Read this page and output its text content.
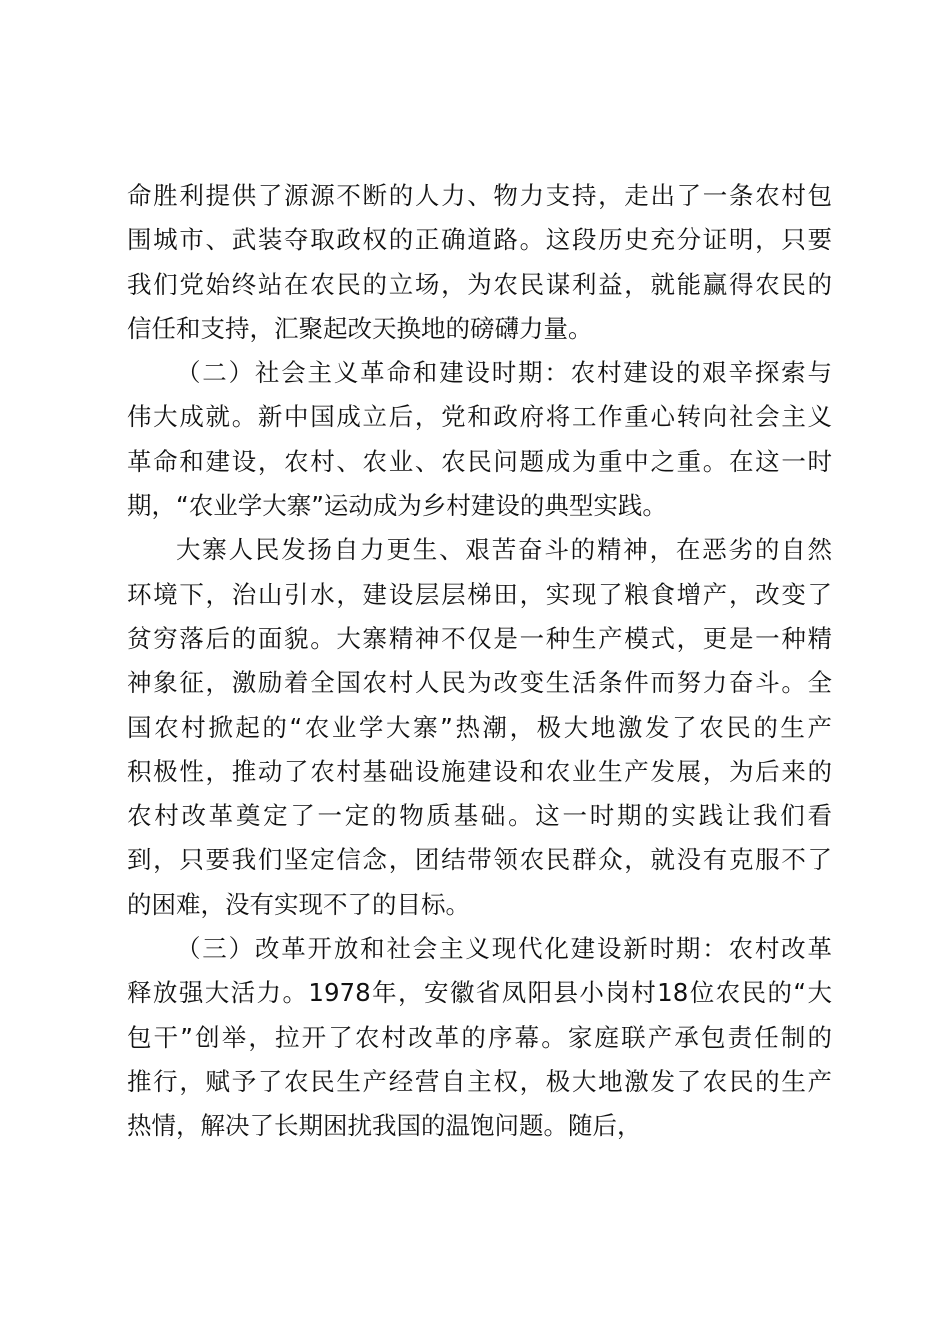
命胜利提供了源源不断的人力、物力支持，走出了一条农村包
围城市、武装夺取政权的正确道路。这段历史充分证明，只要
我们党始终站在农民的立场，为农民谋利益，就能赢得农民的
信任和支持，汇聚起改天换地的磅礴力量。
（二）社会主义革命和建设时期：农村建设的艰辛探索与
伟大成就。新中国成立后，党和政府将工作重心转向社会主义
革命和建设，农村、农业、农民问题成为重中之重。在这一时
期，“农业学大寨”运动成为乡村建设的典型实践。
大寨人民发扬自力更生、艰苦奋斗的精神，在恶劣的自然
环境下，治山引水，建设层层梯田，实现了粮食增产，改变了
贫穷落后的面貌。大寨精神不仅是一种生产模式，更是一种精
神象征，激励着全国农村人民为改变生活条件而努力奋斗。全
国农村掀起的“农业学大寨”热潮，极大地激发了农民的生产
积极性，推动了农村基础设施建设和农业生产发展，为后来的
农村改革奠定了一定的物质基础。这一时期的实践让我们看
到，只要我们坚定信念，团结带领农民群众，就没有克服不了
的困难，没有实现不了的目标。
（三）改革开放和社会主义现代化建设新时期：农村改革
释放强大活力。1978年，安徽省凤阳县小岗村18位农民的“大
包干”创举，拉开了农村改革的序幕。家庭联产承包责任制的
推行，赋予了农民生产经营自主权，极大地激发了农民的生产
热情，解决了长期困扰我国的温饱问题。随后，
